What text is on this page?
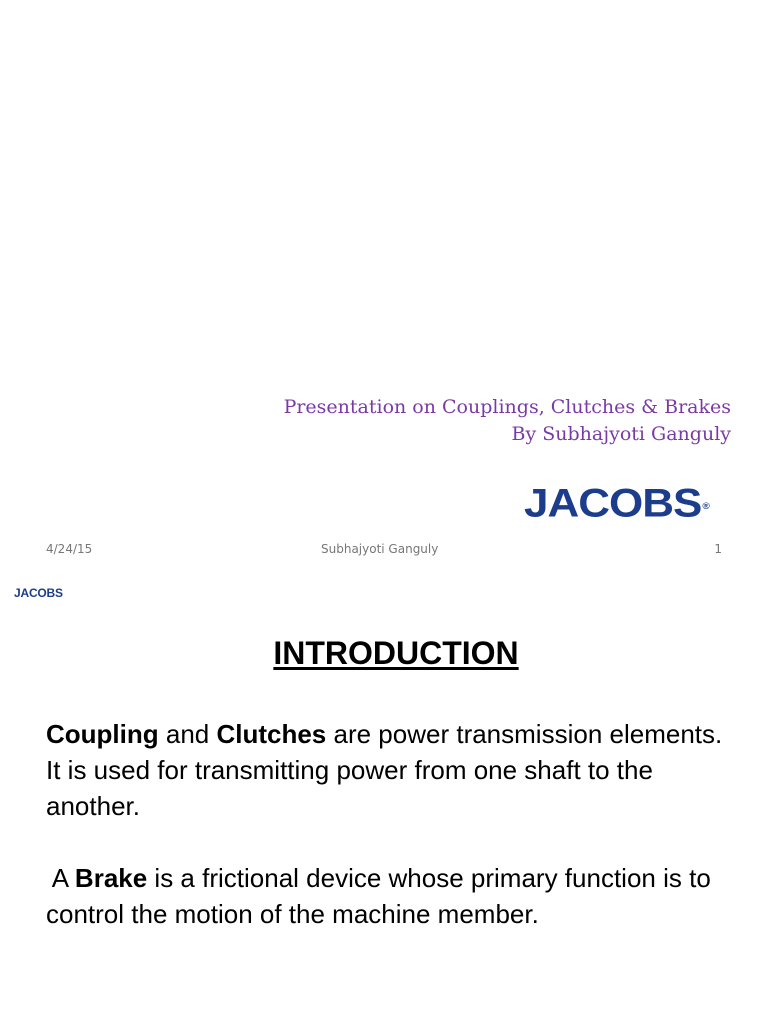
Presentation on Couplings, Clutches & Brakes
By Subhajyoti Ganguly
JACOBS®
4/24/15	Subhajyoti Ganguly	1
JACOBS
INTRODUCTION
Coupling and Clutches are power transmission elements. It is used for transmitting power from one shaft to the another.
A Brake is a frictional device whose primary function is to control the motion of the machine member.
